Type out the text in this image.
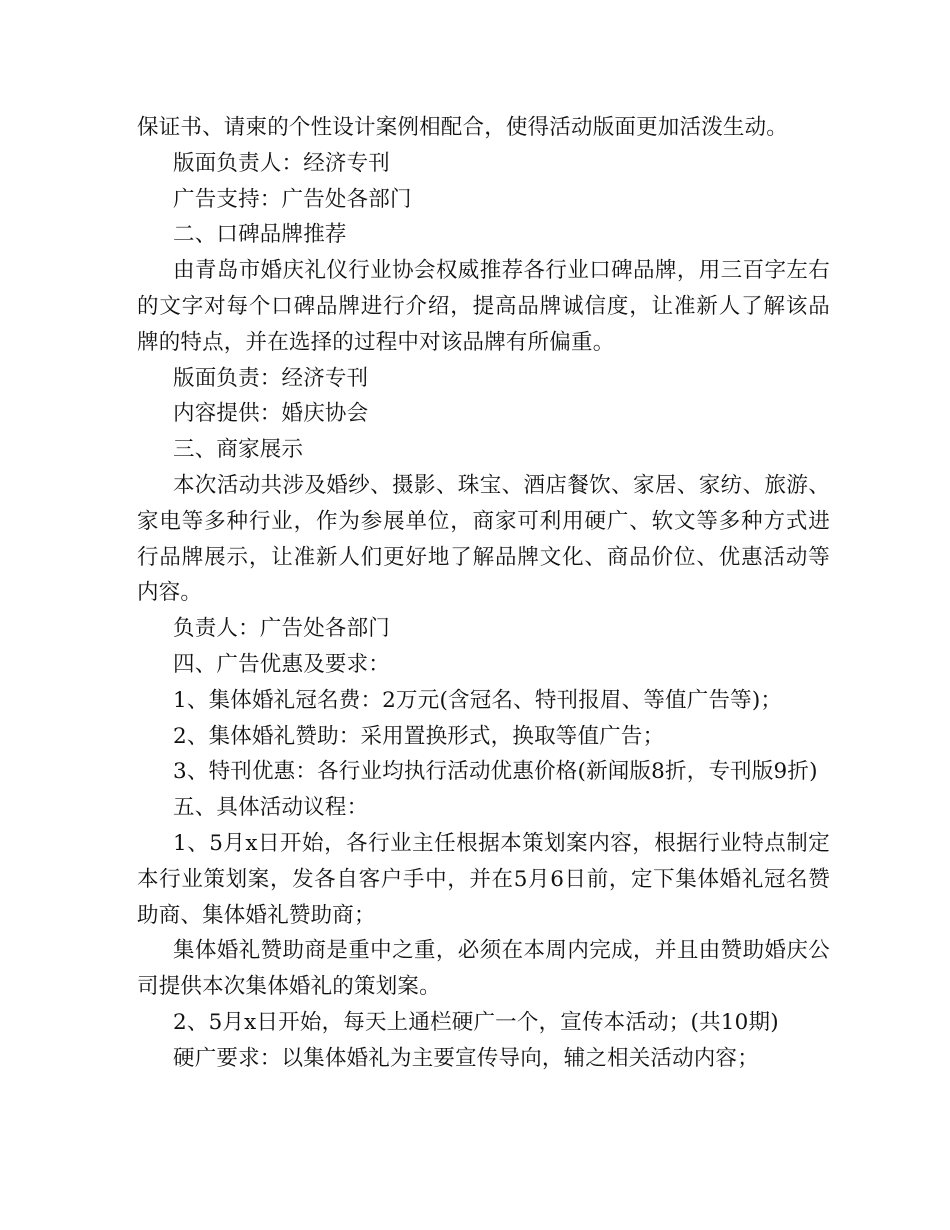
保证书、请柬的个性设计案例相配合，使得活动版面更加活泼生动。

版面负责人：经济专刊

广告支持：广告处各部门

二、口碑品牌推荐

由青岛市婚庆礼仪行业协会权威推荐各行业口碑品牌，用三百字左右的文字对每个口碑品牌进行介绍，提高品牌诚信度，让准新人了解该品牌的特点，并在选择的过程中对该品牌有所偏重。

版面负责：经济专刊

内容提供：婚庆协会

三、商家展示

本次活动共涉及婚纱、摄影、珠宝、酒店餐饮、家居、家纺、旅游、家电等多种行业，作为参展单位，商家可利用硬广、软文等多种方式进行品牌展示，让准新人们更好地了解品牌文化、商品价位、优惠活动等内容。

负责人：广告处各部门

四、广告优惠及要求：

1、集体婚礼冠名费：2万元(含冠名、特刊报眉、等值广告等)；

2、集体婚礼赞助：采用置换形式，换取等值广告；

3、特刊优惠：各行业均执行活动优惠价格(新闻版8折，专刊版9折)

五、具体活动议程：

1、5月x日开始，各行业主任根据本策划案内容，根据行业特点制定本行业策划案，发各自客户手中，并在5月6日前，定下集体婚礼冠名赞助商、集体婚礼赞助商；

集体婚礼赞助商是重中之重，必须在本周内完成，并且由赞助婚庆公司提供本次集体婚礼的策划案。

2、5月x日开始，每天上通栏硬广一个，宣传本活动；(共10期)

硬广要求：以集体婚礼为主要宣传导向，辅之相关活动内容；
